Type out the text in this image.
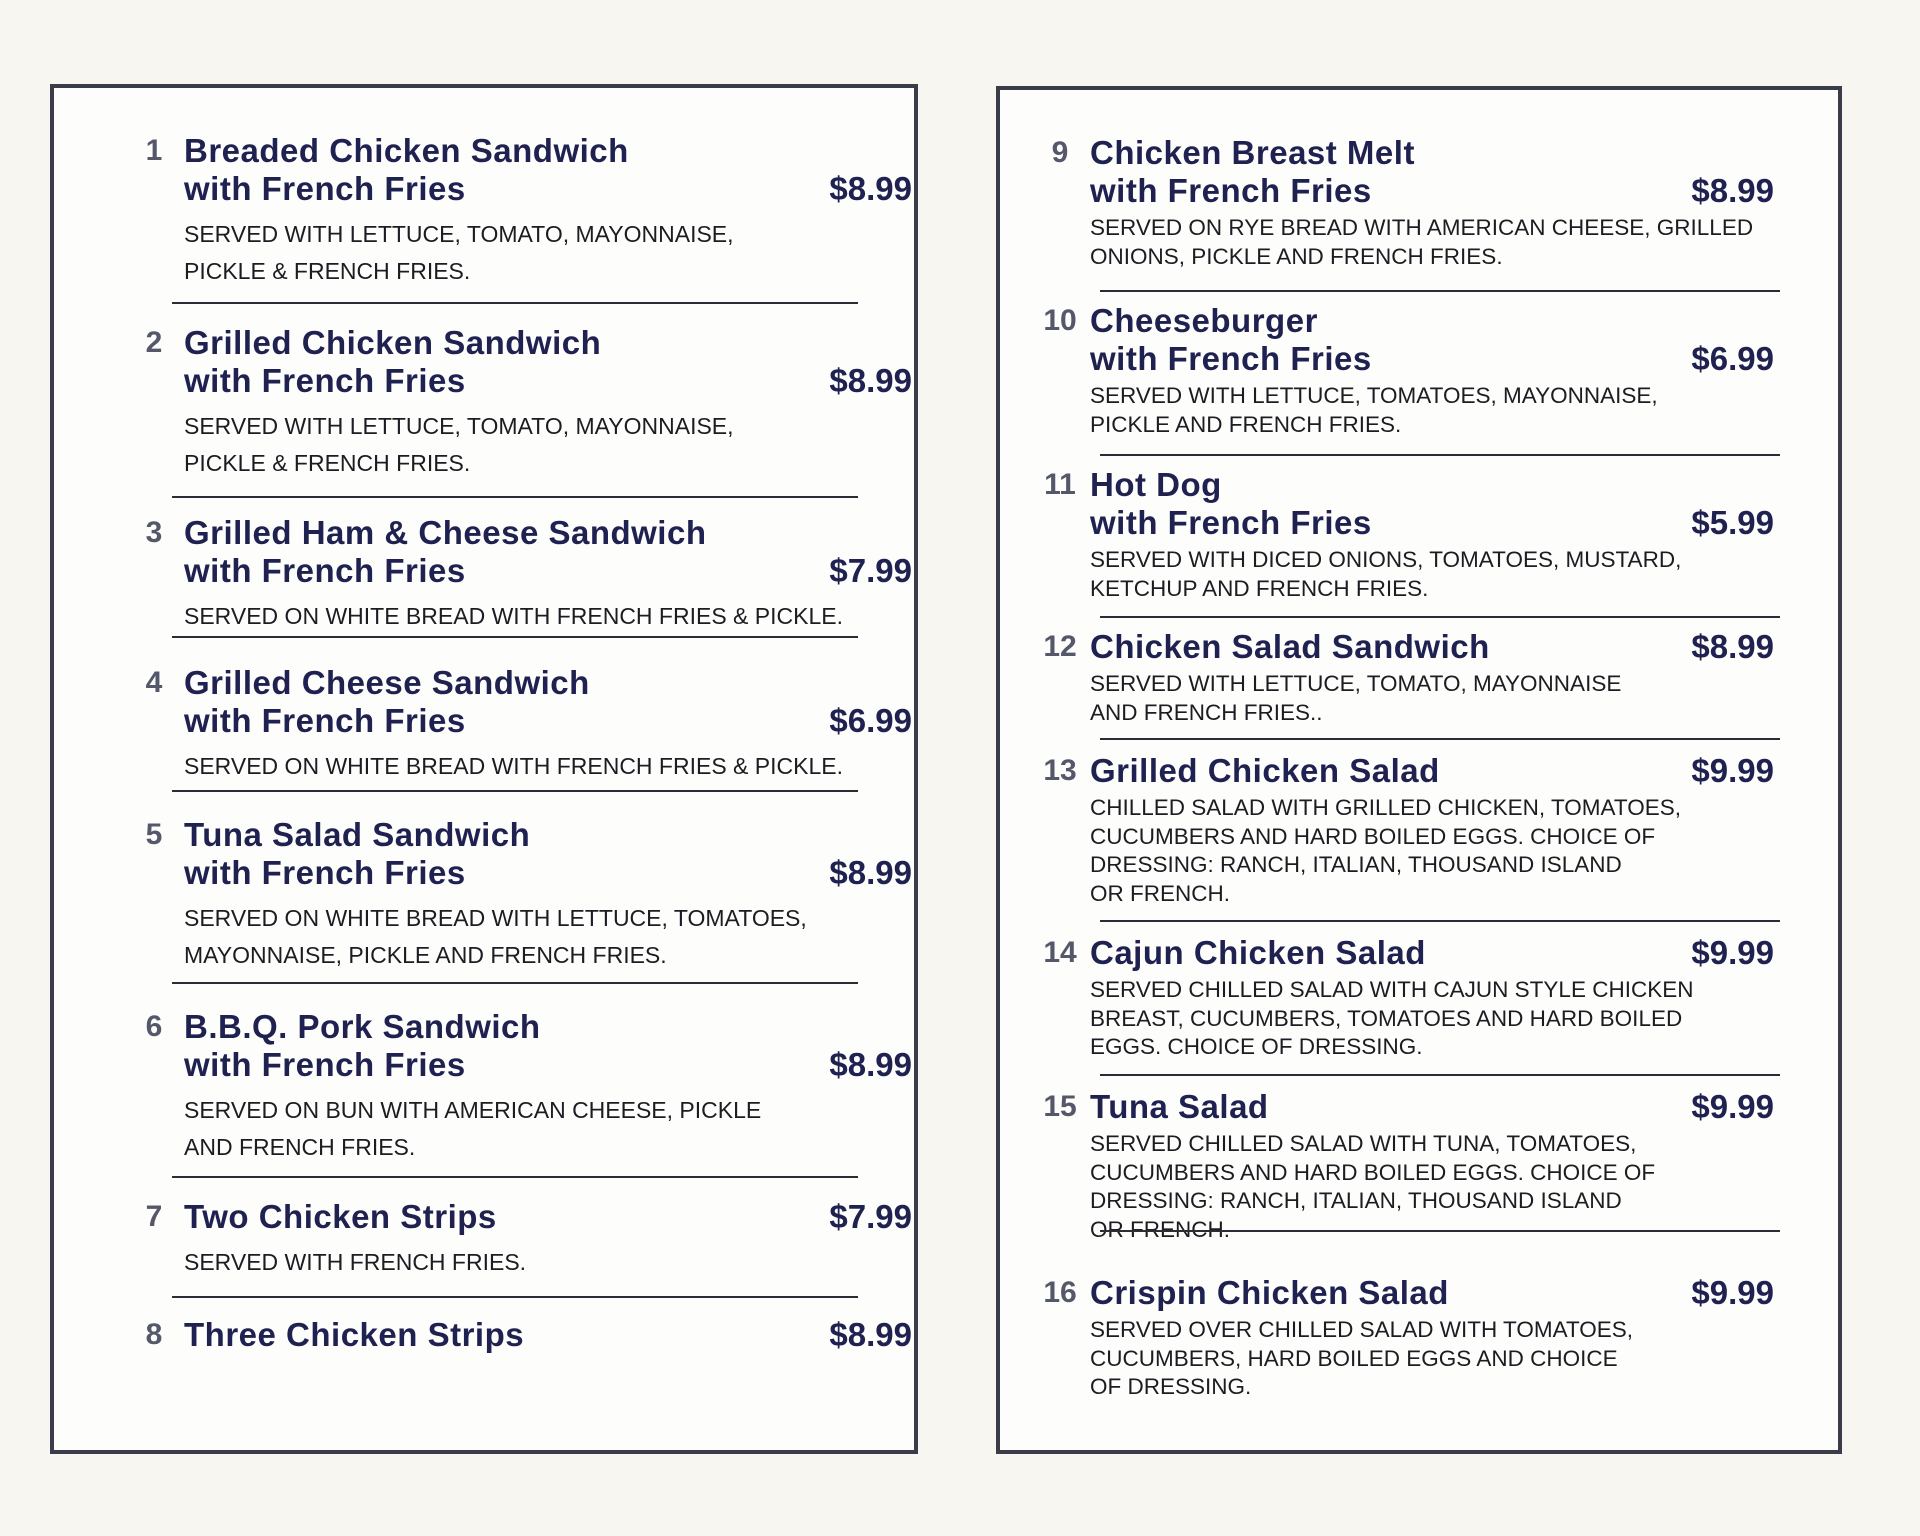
1 Breaded Chicken Sandwich
with French Fries	$8.99
SERVED WITH LETTUCE, TOMATO, MAYONNAISE,
PICKLE & FRENCH FRIES.
2 Grilled Chicken Sandwich
with French Fries	$8.99
SERVED WITH LETTUCE, TOMATO, MAYONNAISE,
PICKLE & FRENCH FRIES.
3 Grilled Ham & Cheese Sandwich
with French Fries	$7.99
SERVED ON WHITE BREAD WITH FRENCH FRIES & PICKLE.
4 Grilled Cheese Sandwich
with French Fries	$6.99
SERVED ON WHITE BREAD WITH FRENCH FRIES & PICKLE.
5 Tuna Salad Sandwich
with French Fries	$8.99
SERVED ON WHITE BREAD WITH LETTUCE, TOMATOES,
MAYONNAISE, PICKLE AND FRENCH FRIES.
6 B.B.Q. Pork Sandwich
with French Fries	$8.99
SERVED ON BUN WITH AMERICAN CHEESE, PICKLE
AND FRENCH FRIES.
7 Two Chicken Strips	$7.99
SERVED WITH FRENCH FRIES.
8 Three Chicken Strips	$8.99
9 Chicken Breast Melt
with French Fries	$8.99
SERVED ON RYE BREAD WITH AMERICAN CHEESE, GRILLED
ONIONS, PICKLE AND FRENCH FRIES.
10 Cheeseburger
with French Fries	$6.99
SERVED WITH LETTUCE, TOMATOES, MAYONNAISE,
PICKLE AND FRENCH FRIES.
11 Hot Dog
with French Fries	$5.99
SERVED WITH DICED ONIONS, TOMATOES, MUSTARD,
KETCHUP AND FRENCH FRIES.
12 Chicken Salad Sandwich	$8.99
SERVED WITH LETTUCE, TOMATO, MAYONNAISE
AND FRENCH FRIES..
13 Grilled Chicken Salad	$9.99
CHILLED SALAD WITH GRILLED CHICKEN, TOMATOES,
CUCUMBERS AND HARD BOILED EGGS. CHOICE OF
DRESSING: RANCH, ITALIAN, THOUSAND ISLAND
OR FRENCH.
14 Cajun Chicken Salad	$9.99
SERVED CHILLED SALAD WITH CAJUN STYLE CHICKEN
BREAST, CUCUMBERS, TOMATOES AND HARD BOILED
EGGS. CHOICE OF DRESSING.
15 Tuna Salad	$9.99
SERVED CHILLED SALAD WITH TUNA, TOMATOES,
CUCUMBERS AND HARD BOILED EGGS. CHOICE OF
DRESSING: RANCH, ITALIAN, THOUSAND ISLAND
OR FRENCH.
16 Crispin Chicken Salad	$9.99
SERVED OVER CHILLED SALAD WITH TOMATOES,
CUCUMBERS, HARD BOILED EGGS AND CHOICE
OF DRESSING.
